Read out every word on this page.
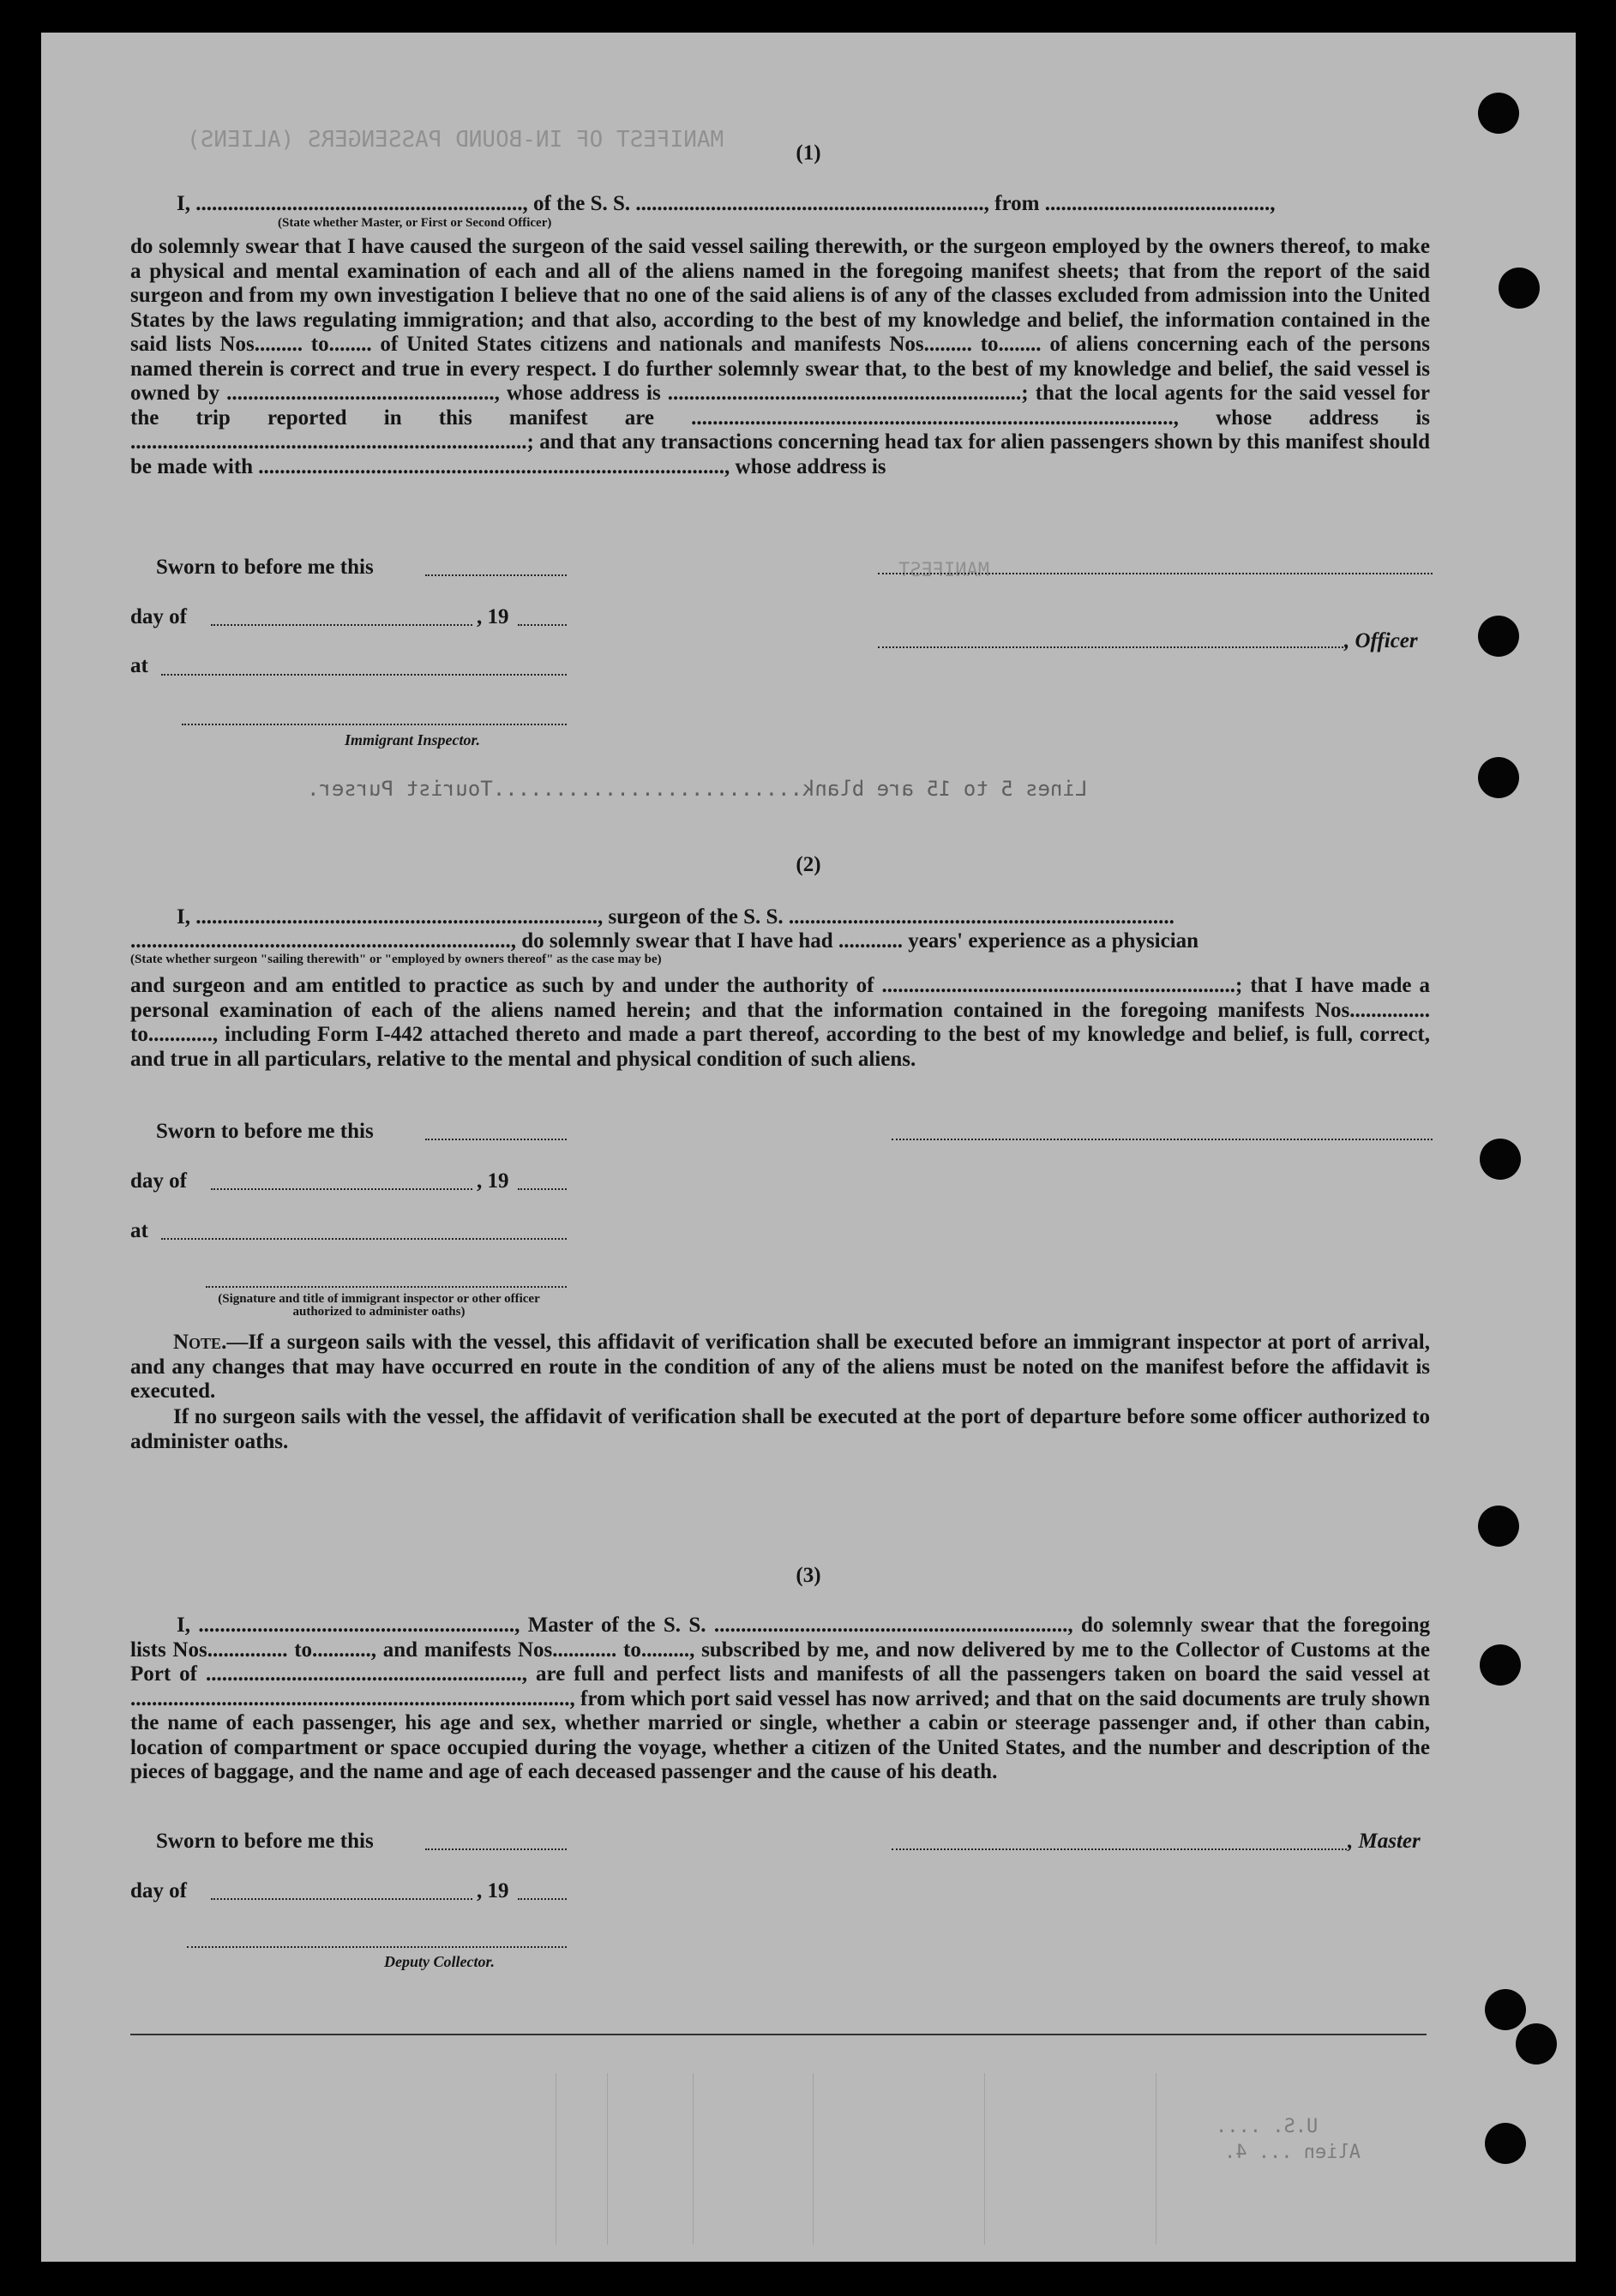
MANIFEST OF IN-BOUND PASSENGERS (ALIENS)
MANIFEST
(1)
I, ............................................................., of the S. S. ................................................................., from ..........................................,
(State whether Master, or First or Second Officer)
do solemnly swear that I have caused the surgeon of the said vessel sailing therewith, or the surgeon employed by the owners thereof, to make a physical and mental examination of each and all of the aliens named in the foregoing manifest sheets; that from the report of the said surgeon and from my own investigation I believe that no one of the said aliens is of any of the classes excluded from admission into the United States by the laws regulating immigration; and that also, according to the best of my knowledge and belief, the information contained in the said lists Nos......... to........ of United States citizens and nationals and manifests Nos......... to........ of aliens concerning each of the persons named therein is correct and true in every respect. I do further solemnly swear that, to the best of my knowledge and belief, the said vessel is owned by .................................................., whose address is ..................................................................; that the local agents for the said vessel for the trip reported in this manifest are .........................................................................................., whose address is ..........................................................................; and that any transactions concerning head tax for alien passengers shown by this manifest should be made with ......................................................................................., whose address is
Sworn to before me this
day of	, 19
at
Immigrant Inspector.
, Officer
Lines 5 to 15 are blank.........................Tourist Purser.
(2)
I, ..........................................................................., surgeon of the S. S. ........................................................................
......................................................................., do solemnly swear that I have had ............ years' experience as a physician
(State whether surgeon "sailing therewith" or "employed by owners thereof" as the case may be)
and surgeon and am entitled to practice as such by and under the authority of ..................................................................; that I have made a personal examination of each of the aliens named herein; and that the information contained in the foregoing manifests Nos............... to............, including Form I-442 attached thereto and made a part thereof, according to the best of my knowledge and belief, is full, correct, and true in all particulars, relative to the mental and physical condition of such aliens.
Sworn to before me this
day of	, 19
at
(Signature and title of immigrant inspector or other officer authorized to administer oaths)
Note.—If a surgeon sails with the vessel, this affidavit of verification shall be executed before an immigrant inspector at port of arrival, and any changes that may have occurred en route in the condition of any of the aliens must be noted on the manifest before the affidavit is executed.
If no surgeon sails with the vessel, the affidavit of verification shall be executed at the port of departure before some officer authorized to administer oaths.
(3)
I, ..........................................................., Master of the S. S. .................................................................., do solemnly swear that the foregoing lists Nos............... to..........., and manifests Nos............ to........., subscribed by me, and now delivered by me to the Collector of Customs at the Port of ..........................................................., are full and perfect lists and manifests of all the passengers taken on board the said vessel at .................................................................................., from which port said vessel has now arrived; and that on the said documents are truly shown the name of each passenger, his age and sex, whether married or single, whether a cabin or steerage passenger and, if other than cabin, location of compartment or space occupied during the voyage, whether a citizen of the United States, and the number and description of the pieces of baggage, and the name and age of each deceased passenger and the cause of his death.
Sworn to before me this
day of	, 19
Deputy Collector.
, Master
U.S. ....
Alien ... 4.
